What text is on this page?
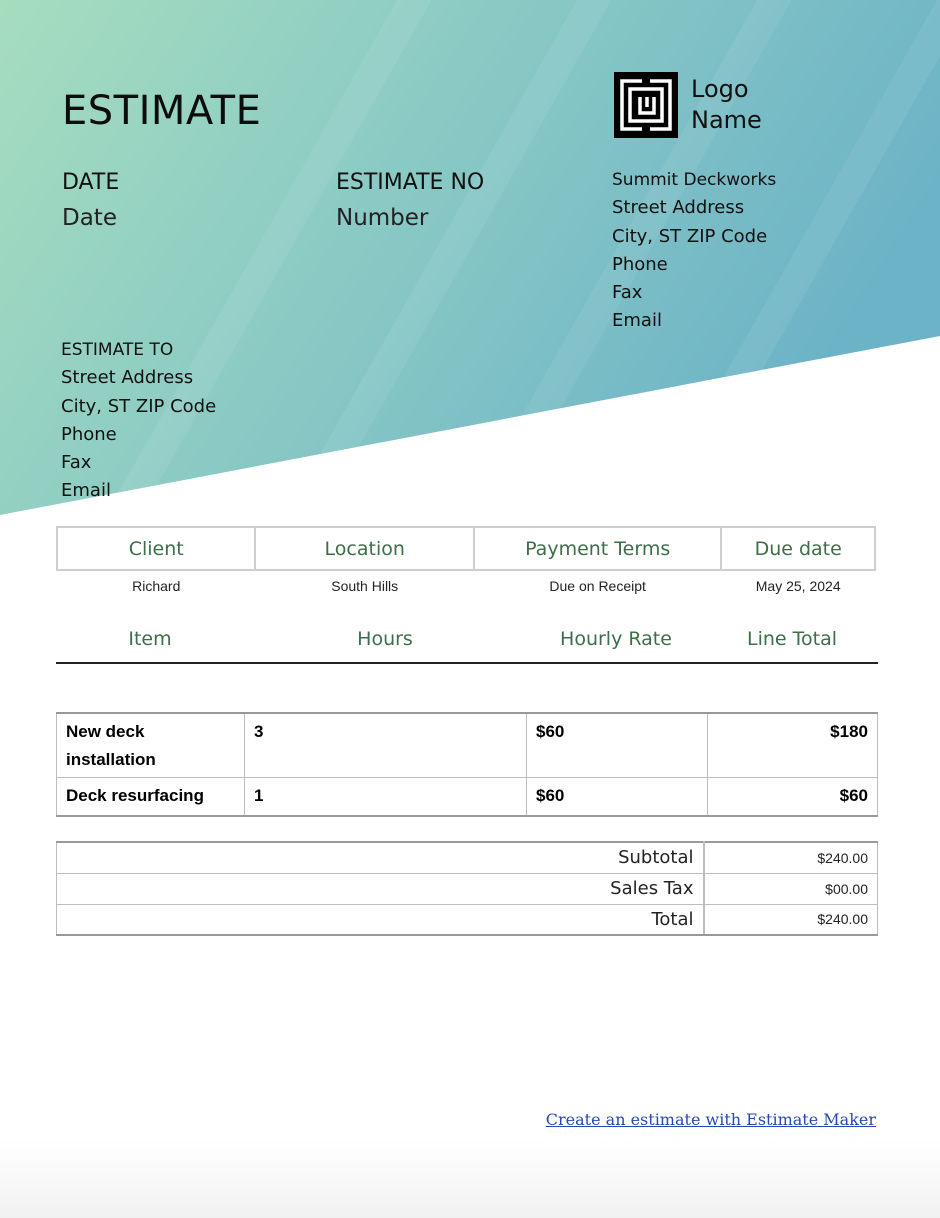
ESTIMATE
DATE
Date
ESTIMATE NO
Number
Logo
Name
Summit Deckworks
Street Address
City, ST ZIP Code
Phone
Fax
Email
ESTIMATE TO
Street Address
City, ST ZIP Code
Phone
Fax
Email
Client	Location	Payment Terms	Due date
Richard	South Hills	Due on Receipt	May 25, 2024
Item	Hours	Hourly Rate	Line Total
New deck
installation	3	$60	$180
Deck resurfacing	1	$60	$60
Subtotal	$240.00
Sales Tax	$00.00
Total	$240.00
Create an estimate with Estimate Maker
